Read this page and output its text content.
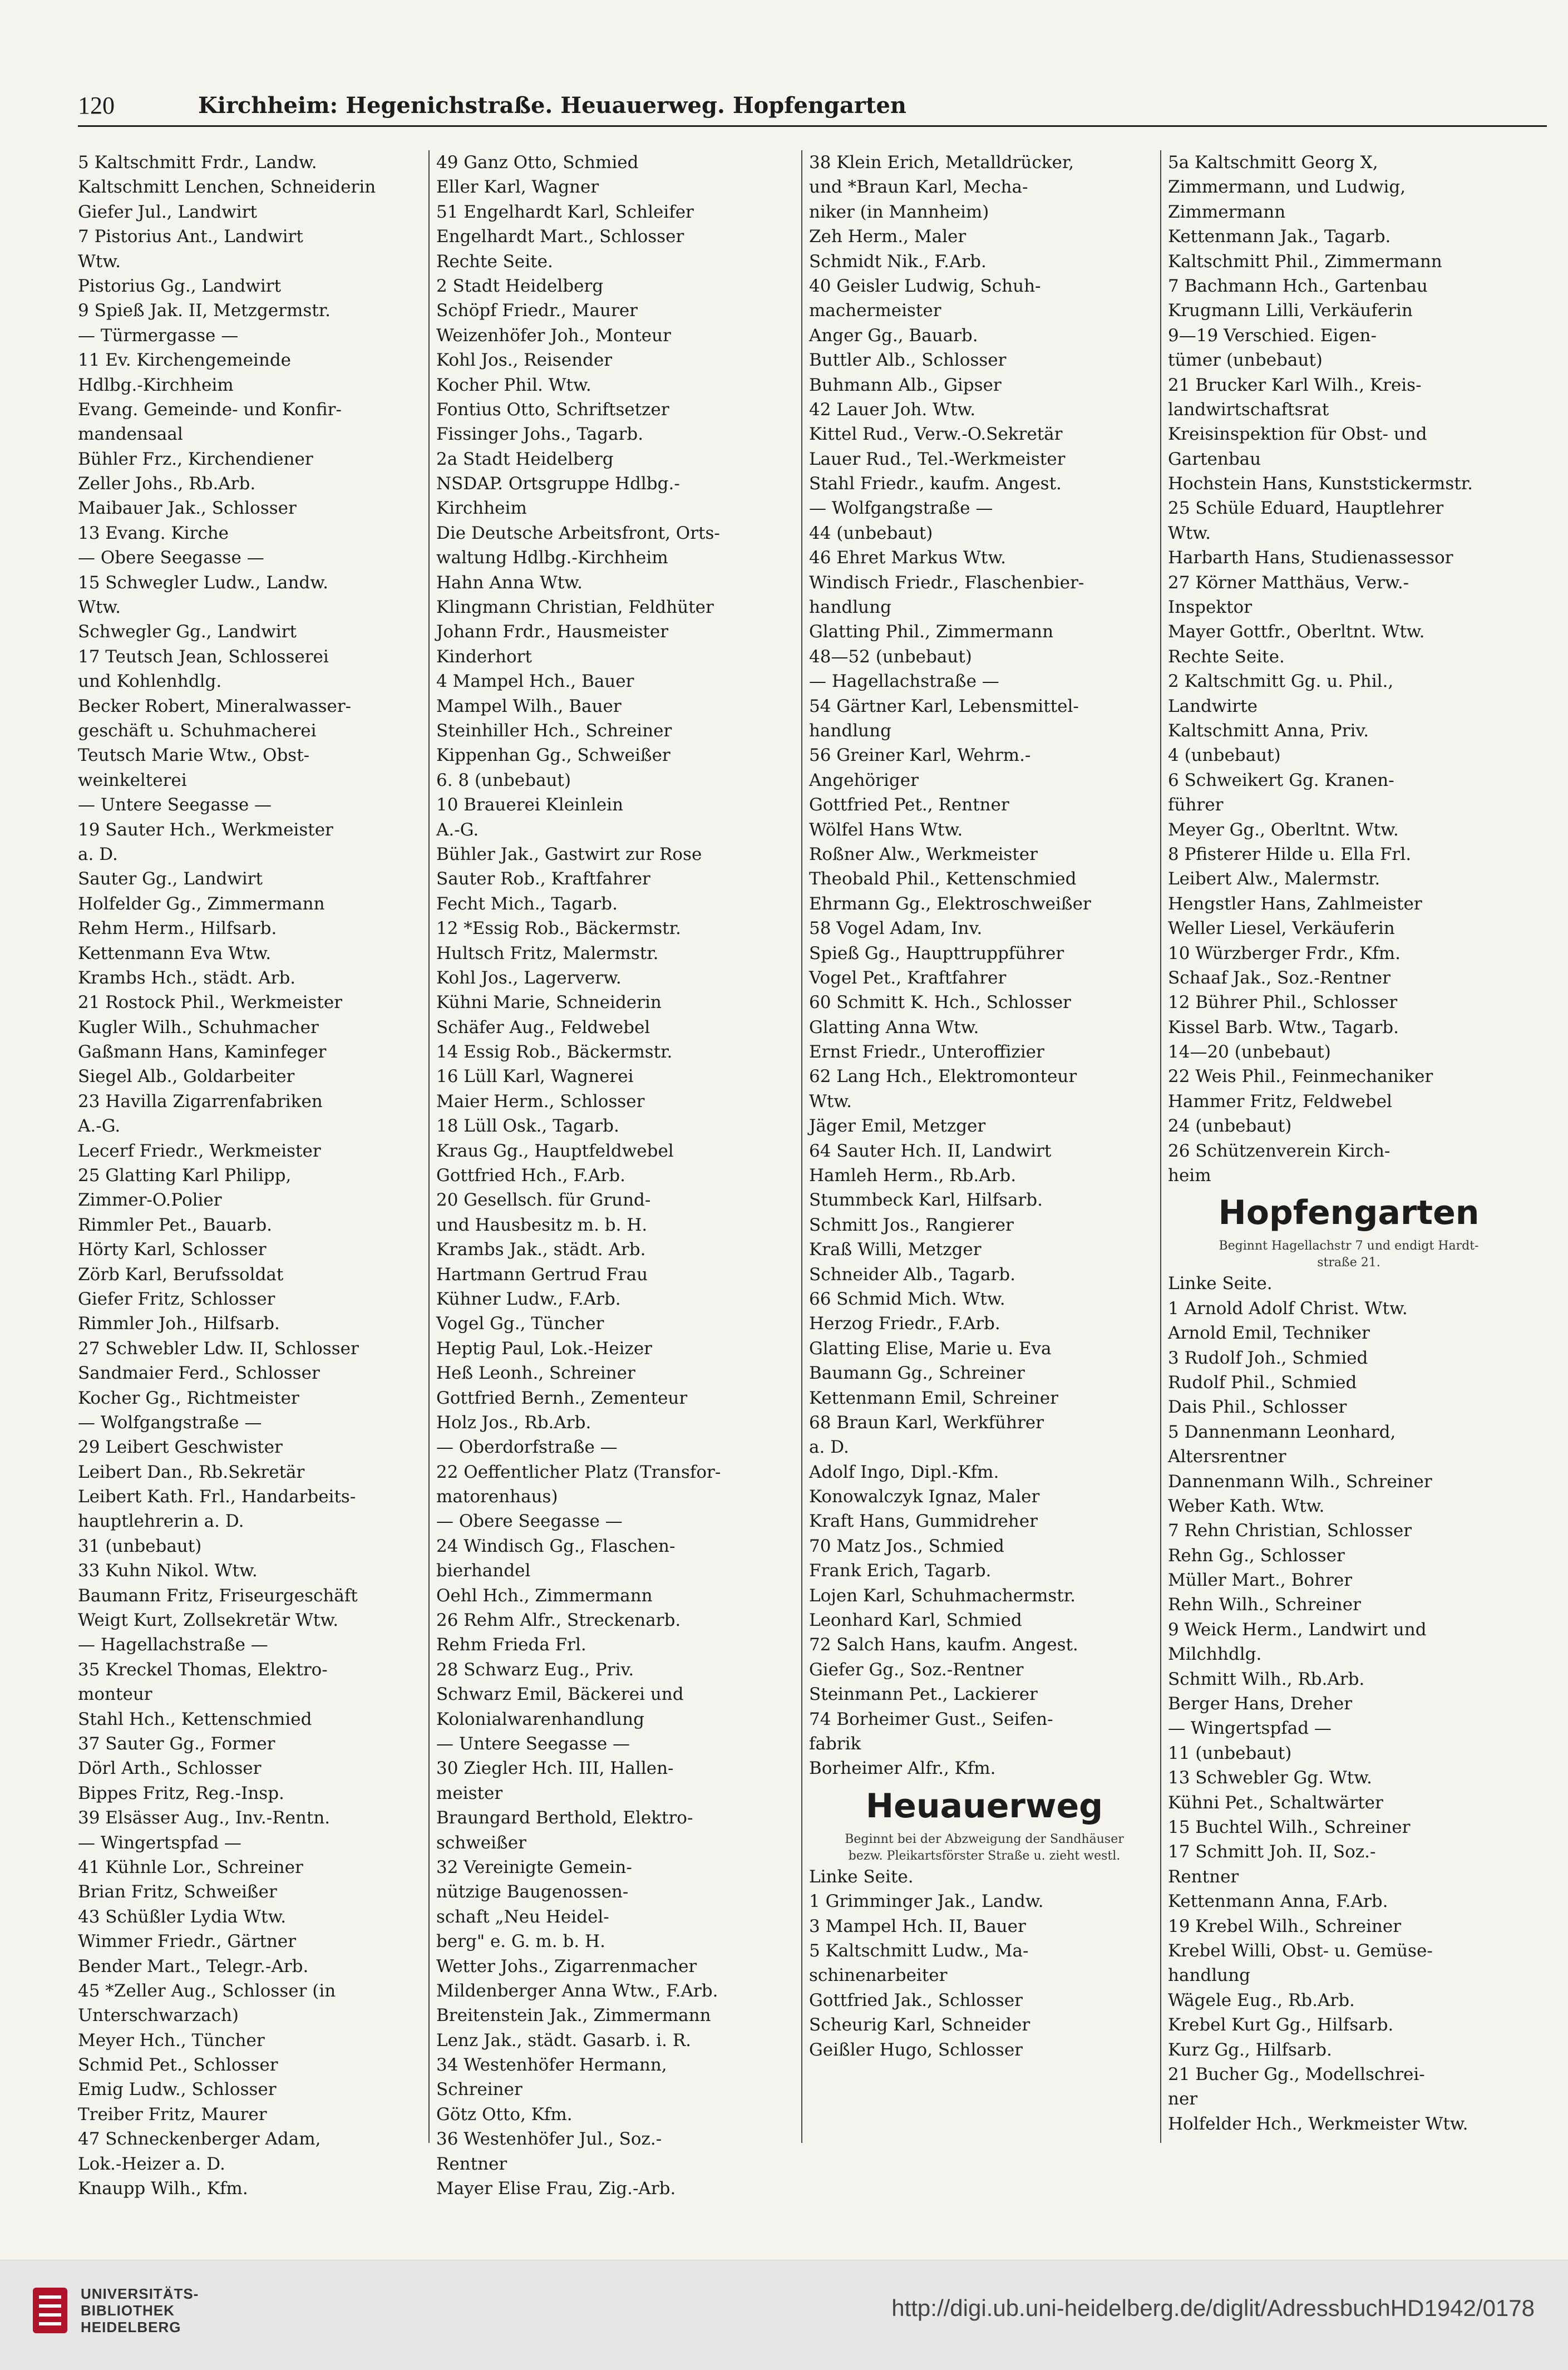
120	Kirchheim: Hegenichstraße. Heuauerweg. Hopfengarten
5 Kaltschmitt Frdr., Landw.
Kaltschmitt Lenchen, Schneiderin
Giefer Jul., Landwirt
7 Pistorius Ant., Landwirt
Wtw.
Pistorius Gg., Landwirt
9 Spieß Jak. II, Metzgermstr.
— Türmergasse —
11 Ev. Kirchengemeinde
Hdlbg.-Kirchheim
Evang. Gemeinde- und Konfir-
mandensaal
Bühler Frz., Kirchendiener
Zeller Johs., Rb.Arb.
Maibauer Jak., Schlosser
13 Evang. Kirche
— Obere Seegasse —
15 Schwegler Ludw., Landw.
Wtw.
Schwegler Gg., Landwirt
17 Teutsch Jean, Schlosserei
und Kohlenhdlg.
Becker Robert, Mineralwasser-
geschäft u. Schuhmacherei
Teutsch Marie Wtw., Obst-
weinkelterei
— Untere Seegasse —
19 Sauter Hch., Werkmeister
a. D.
Sauter Gg., Landwirt
Holfelder Gg., Zimmermann
Rehm Herm., Hilfsarb.
Kettenmann Eva Wtw.
Krambs Hch., städt. Arb.
21 Rostock Phil., Werkmeister
Kugler Wilh., Schuhmacher
Gaßmann Hans, Kaminfeger
Siegel Alb., Goldarbeiter
23 Havilla Zigarrenfabriken
A.-G.
Lecerf Friedr., Werkmeister
25 Glatting Karl Philipp,
Zimmer-O.Polier
Rimmler Pet., Bauarb.
Hörty Karl, Schlosser
Zörb Karl, Berufssoldat
Giefer Fritz, Schlosser
Rimmler Joh., Hilfsarb.
27 Schwebler Ldw. II, Schlosser
Sandmaier Ferd., Schlosser
Kocher Gg., Richtmeister
— Wolfgangstraße —
29 Leibert Geschwister
Leibert Dan., Rb.Sekretär
Leibert Kath. Frl., Handarbeits-
hauptlehrerin a. D.
31 (unbebaut)
33 Kuhn Nikol. Wtw.
Baumann Fritz, Friseurgeschäft
Weigt Kurt, Zollsekretär Wtw.
— Hagellachstraße —
35 Kreckel Thomas, Elektro-
monteur
Stahl Hch., Kettenschmied
37 Sauter Gg., Former
Dörl Arth., Schlosser
Bippes Fritz, Reg.-Insp.
39 Elsässer Aug., Inv.-Rentn.
— Wingertspfad —
41 Kühnle Lor., Schreiner
Brian Fritz, Schweißer
43 Schüßler Lydia Wtw.
Wimmer Friedr., Gärtner
Bender Mart., Telegr.-Arb.
45 *Zeller Aug., Schlosser (in
Unterschwarzach)
Meyer Hch., Tüncher
Schmid Pet., Schlosser
Emig Ludw., Schlosser
Treiber Fritz, Maurer
47 Schneckenberger Adam,
Lok.-Heizer a. D.
Knaupp Wilh., Kfm.
49 Ganz Otto, Schmied
Eller Karl, Wagner
51 Engelhardt Karl, Schleifer
Engelhardt Mart., Schlosser
Rechte Seite.
2 Stadt Heidelberg
Schöpf Friedr., Maurer
Weizenhöfer Joh., Monteur
Kohl Jos., Reisender
Kocher Phil. Wtw.
Fontius Otto, Schriftsetzer
Fissinger Johs., Tagarb.
2a Stadt Heidelberg
NSDAP. Ortsgruppe Hdlbg.-
Kirchheim
Die Deutsche Arbeitsfront, Orts-
waltung Hdlbg.-Kirchheim
Hahn Anna Wtw.
Klingmann Christian, Feldhüter
Johann Frdr., Hausmeister
Kinderhort
4 Mampel Hch., Bauer
Mampel Wilh., Bauer
Steinhiller Hch., Schreiner
Kippenhan Gg., Schweißer
6. 8 (unbebaut)
10 Brauerei Kleinlein
A.-G.
Bühler Jak., Gastwirt zur Rose
Sauter Rob., Kraftfahrer
Fecht Mich., Tagarb.
12 *Essig Rob., Bäckermstr.
Hultsch Fritz, Malermstr.
Kohl Jos., Lagerverw.
Kühni Marie, Schneiderin
Schäfer Aug., Feldwebel
14 Essig Rob., Bäckermstr.
16 Lüll Karl, Wagnerei
Maier Herm., Schlosser
18 Lüll Osk., Tagarb.
Kraus Gg., Hauptfeldwebel
Gottfried Hch., F.Arb.
20 Gesellsch. für Grund-
und Hausbesitz m. b. H.
Krambs Jak., städt. Arb.
Hartmann Gertrud Frau
Kühner Ludw., F.Arb.
Vogel Gg., Tüncher
Heptig Paul, Lok.-Heizer
Heß Leonh., Schreiner
Gottfried Bernh., Zementeur
Holz Jos., Rb.Arb.
— Oberdorfstraße —
22 Oeffentlicher Platz (Transfor-
matorenhaus)
— Obere Seegasse —
24 Windisch Gg., Flaschen-
bierhandel
Oehl Hch., Zimmermann
26 Rehm Alfr., Streckenarb.
Rehm Frieda Frl.
28 Schwarz Eug., Priv.
Schwarz Emil, Bäckerei und
Kolonialwarenhandlung
— Untere Seegasse —
30 Ziegler Hch. III, Hallen-
meister
Braungard Berthold, Elektro-
schweißer
32 Vereinigte Gemein-
nützige Baugenossen-
schaft „Neu Heidel-
berg" e. G. m. b. H.
Wetter Johs., Zigarrenmacher
Mildenberger Anna Wtw., F.Arb.
Breitenstein Jak., Zimmermann
Lenz Jak., städt. Gasarb. i. R.
34 Westenhöfer Hermann,
Schreiner
Götz Otto, Kfm.
36 Westenhöfer Jul., Soz.-
Rentner
Mayer Elise Frau, Zig.-Arb.
38 Klein Erich, Metalldrücker,
und *Braun Karl, Mecha-
niker (in Mannheim)
Zeh Herm., Maler
Schmidt Nik., F.Arb.
40 Geisler Ludwig, Schuh-
machermeister
Anger Gg., Bauarb.
Buttler Alb., Schlosser
Buhmann Alb., Gipser
42 Lauer Joh. Wtw.
Kittel Rud., Verw.-O.Sekretär
Lauer Rud., Tel.-Werkmeister
Stahl Friedr., kaufm. Angest.
— Wolfgangstraße —
44 (unbebaut)
46 Ehret Markus Wtw.
Windisch Friedr., Flaschenbier-
handlung
Glatting Phil., Zimmermann
48—52 (unbebaut)
— Hagellachstraße —
54 Gärtner Karl, Lebensmittel-
handlung
56 Greiner Karl, Wehrm.-
Angehöriger
Gottfried Pet., Rentner
Wölfel Hans Wtw.
Roßner Alw., Werkmeister
Theobald Phil., Kettenschmied
Ehrmann Gg., Elektroschweißer
58 Vogel Adam, Inv.
Spieß Gg., Haupttruppführer
Vogel Pet., Kraftfahrer
60 Schmitt K. Hch., Schlosser
Glatting Anna Wtw.
Ernst Friedr., Unteroffizier
62 Lang Hch., Elektromonteur
Wtw.
Jäger Emil, Metzger
64 Sauter Hch. II, Landwirt
Hamleh Herm., Rb.Arb.
Stummbeck Karl, Hilfsarb.
Schmitt Jos., Rangierer
Kraß Willi, Metzger
Schneider Alb., Tagarb.
66 Schmid Mich. Wtw.
Herzog Friedr., F.Arb.
Glatting Elise, Marie u. Eva
Baumann Gg., Schreiner
Kettenmann Emil, Schreiner
68 Braun Karl, Werkführer
a. D.
Adolf Ingo, Dipl.-Kfm.
Konowalczyk Ignaz, Maler
Kraft Hans, Gummidreher
70 Matz Jos., Schmied
Frank Erich, Tagarb.
Lojen Karl, Schuhmachermstr.
Leonhard Karl, Schmied
72 Salch Hans, kaufm. Angest.
Giefer Gg., Soz.-Rentner
Steinmann Pet., Lackierer
74 Borheimer Gust., Seifen-
fabrik
Borheimer Alfr., Kfm.
Heuauerweg
Beginnt bei der Abzweigung der Sandhäuser
bezw. Pleikartsförster Straße u. zieht westl.
Linke Seite.
1 Grimminger Jak., Landw.
3 Mampel Hch. II, Bauer
5 Kaltschmitt Ludw., Ma-
schinenarbeiter
Gottfried Jak., Schlosser
Scheurig Karl, Schneider
Geißler Hugo, Schlosser
5a Kaltschmitt Georg X,
Zimmermann, und Ludwig,
Zimmermann
Kettenmann Jak., Tagarb.
Kaltschmitt Phil., Zimmermann
7 Bachmann Hch., Gartenbau
Krugmann Lilli, Verkäuferin
9—19 Verschied. Eigen-
tümer (unbebaut)
21 Brucker Karl Wilh., Kreis-
landwirtschaftsrat
Kreisinspektion für Obst- und
Gartenbau
Hochstein Hans, Kunststickermstr.
25 Schüle Eduard, Hauptlehrer
Wtw.
Harbarth Hans, Studienassessor
27 Körner Matthäus, Verw.-
Inspektor
Mayer Gottfr., Oberltnt. Wtw.
Rechte Seite.
2 Kaltschmitt Gg. u. Phil.,
Landwirte
Kaltschmitt Anna, Priv.
4 (unbebaut)
6 Schweikert Gg. Kranen-
führer
Meyer Gg., Oberltnt. Wtw.
8 Pfisterer Hilde u. Ella Frl.
Leibert Alw., Malermstr.
Hengstler Hans, Zahlmeister
Weller Liesel, Verkäuferin
10 Würzberger Frdr., Kfm.
Schaaf Jak., Soz.-Rentner
12 Bührer Phil., Schlosser
Kissel Barb. Wtw., Tagarb.
14—20 (unbebaut)
22 Weis Phil., Feinmechaniker
Hammer Fritz, Feldwebel
24 (unbebaut)
26 Schützenverein Kirch-
heim
Hopfengarten
Beginnt Hagellachstr 7 und endigt Hardt-
straße 21.
Linke Seite.
1 Arnold Adolf Christ. Wtw.
Arnold Emil, Techniker
3 Rudolf Joh., Schmied
Rudolf Phil., Schmied
Dais Phil., Schlosser
5 Dannenmann Leonhard,
Altersrentner
Dannenmann Wilh., Schreiner
Weber Kath. Wtw.
7 Rehn Christian, Schlosser
Rehn Gg., Schlosser
Müller Mart., Bohrer
Rehn Wilh., Schreiner
9 Weick Herm., Landwirt und
Milchhdlg.
Schmitt Wilh., Rb.Arb.
Berger Hans, Dreher
— Wingertspfad —
11 (unbebaut)
13 Schwebler Gg. Wtw.
Kühni Pet., Schaltwärter
15 Buchtel Wilh., Schreiner
17 Schmitt Joh. II, Soz.-
Rentner
Kettenmann Anna, F.Arb.
19 Krebel Wilh., Schreiner
Krebel Willi, Obst- u. Gemüse-
handlung
Wägele Eug., Rb.Arb.
Krebel Kurt Gg., Hilfsarb.
Kurz Gg., Hilfsarb.
21 Bucher Gg., Modellschrei-
ner
Holfelder Hch., Werkmeister Wtw.
UNIVERSITÄTS-
BIBLIOTHEK
HEIDELBERG
http://digi.ub.uni-heidelberg.de/diglit/AdressbuchHD1942/0178
